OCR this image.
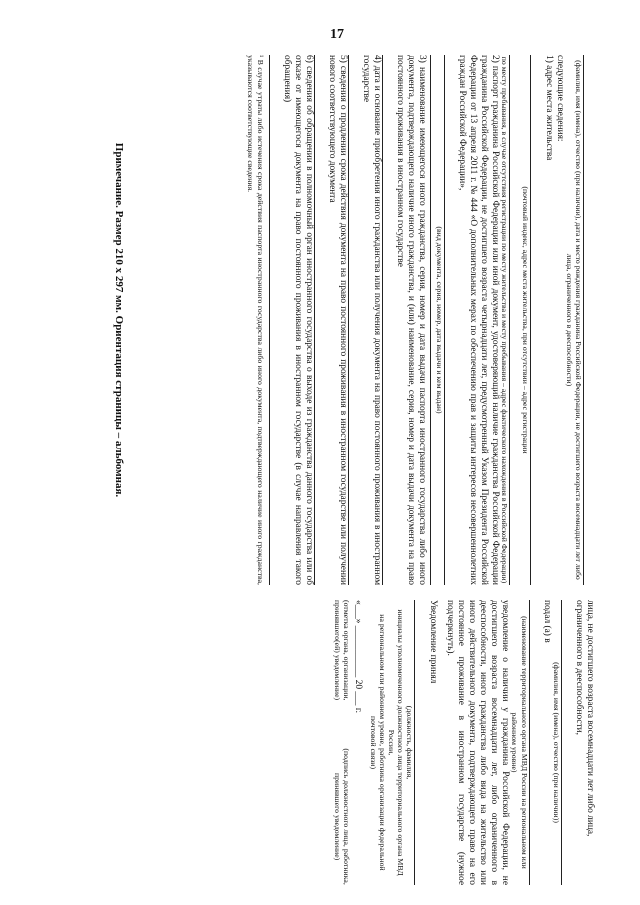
17
(фамилия, имя (имена), отчество (при наличии), дата и место рождения гражданина Российской Федерации, не достигшего возраста восемнадцати лет либо лица, ограниченного в дееспособности)
следующие сведения:
1) адрес места жительства
(почтовый индекс, адрес места жительства, при отсутствии – адрес регистрации
по месту пребывания, в случае отсутствия регистрации по месту жительства и месту пребывания – адрес фактического нахождения в Российской Федерации)
2) паспорт гражданина Российской Федерации или иной документ, удостоверяющий наличие гражданства Российской Федерации гражданина Российской Федерации, не достигшего возраста четырнадцати лет, предусмотренный Указом Президента Российской Федерации от 13 апреля 2011 г. № 444 «О дополнительных мерах по обеспечению прав и защиты интересов несовершеннолетних граждан Российской Федерации»,
(вид документа, серия, номер, дата выдачи и кем выдан)
3) наименование имеющегося иного гражданства, серия, номер и дата выдачи паспорта иностранного государства либо иного документа, подтверждающего наличие иного гражданства, и (или) наименование, серия, номер и дата выдачи документа на право постоянного проживания в иностранном государстве
4) дата и основание приобретения иного гражданства или получения документа на право постоянного проживания в иностранном государстве
5) сведения о продлении срока действия документа на право постоянного проживания в иностранном государстве или получении нового соответствующего документа
6) сведения об обращении в полномочный орган иностранного государства о выходе из гражданства данного государства или об отказе от имеющегося документа на право постоянного проживания в иностранном государстве (в случае направления такого обращения)
¹ В случае утраты либо истечения срока действия паспорта иностранного государства либо иного документа, подтверждающего наличие иного гражданства, указываются соответствующие сведения.
Примечание. Размер 210 x 297 мм. Ориентация страницы – альбомная.
лица, не достигшего возраста восемнадцати лет либо лица, ограниченного в дееспособности,
(фамилия, имя (имена), отчество (при наличии))
подал (а) в
(наименование территориального органа МВД России на региональном или районном уровне)
уведомление о наличии у гражданина Российской Федерации, не достигшего возраста восемнадцати лет, либо ограниченного в дееспособности, иного гражданства либо вида на жительство или иного действительного документа, подтверждающего право на его постоянное проживание в иностранном государстве (нужное подчеркнуть).
Уведомление принял
(должность, фамилия,
инициалы уполномоченного должностного лица территориального органа МВД России,
на региональном или районном уровне, работника организации федеральной почтовой связи)
«___» ___________ 20 ___ г.
(отметка органа, организации, принявшего(ей) уведомление)
(подпись должностного лица, работника, принявшего уведомление)
